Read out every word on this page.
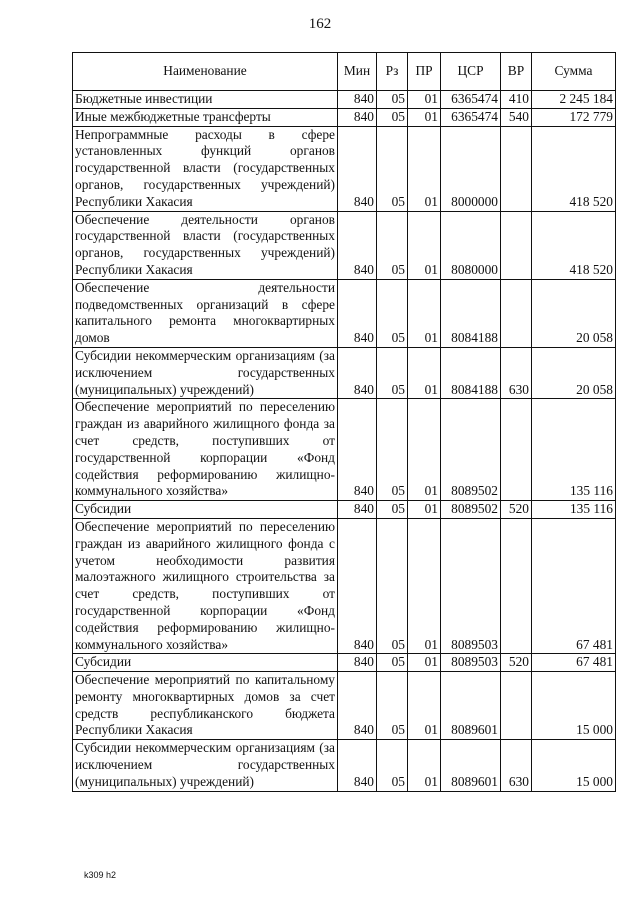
162
Наименование	Мин	Рз	ПР	ЦСР	ВР	Сумма
Бюджетные инвестиции	840	05	01	6365474	410	2 245 184
Иные межбюджетные трансферты	840	05	01	6365474	540	172 779
Непрограммные расходы в сфере установленных функций органов государственной власти (государственных органов, государственных учреждений) Республики Хакасия	840	05	01	8000000		418 520
Обеспечение деятельности органов государственной власти (государственных органов, государственных учреждений) Республики Хакасия	840	05	01	8080000		418 520
Обеспечение деятельности подведомственных организаций в сфере капитального ремонта многоквартирных домов	840	05	01	8084188		20 058
Субсидии некоммерческим организациям (за исключением государственных (муниципальных) учреждений)	840	05	01	8084188	630	20 058
Обеспечение мероприятий по переселению граждан из аварийного жилищного фонда за счет средств, поступивших от государственной корпорации «Фонд содействия реформированию жилищно-коммунального хозяйства»	840	05	01	8089502		135 116
Субсидии	840	05	01	8089502	520	135 116
Обеспечение мероприятий по переселению граждан из аварийного жилищного фонда с учетом необходимости развития малоэтажного жилищного строительства за счет средств, поступивших от государственной корпорации «Фонд содействия реформированию жилищно-коммунального хозяйства»	840	05	01	8089503		67 481
Субсидии	840	05	01	8089503	520	67 481
Обеспечение мероприятий по капитальному ремонту многоквартирных домов за счет средств республиканского бюджета Республики Хакасия	840	05	01	8089601		15 000
Субсидии некоммерческим организациям (за исключением государственных (муниципальных) учреждений)	840	05	01	8089601	630	15 000
k309 h2
